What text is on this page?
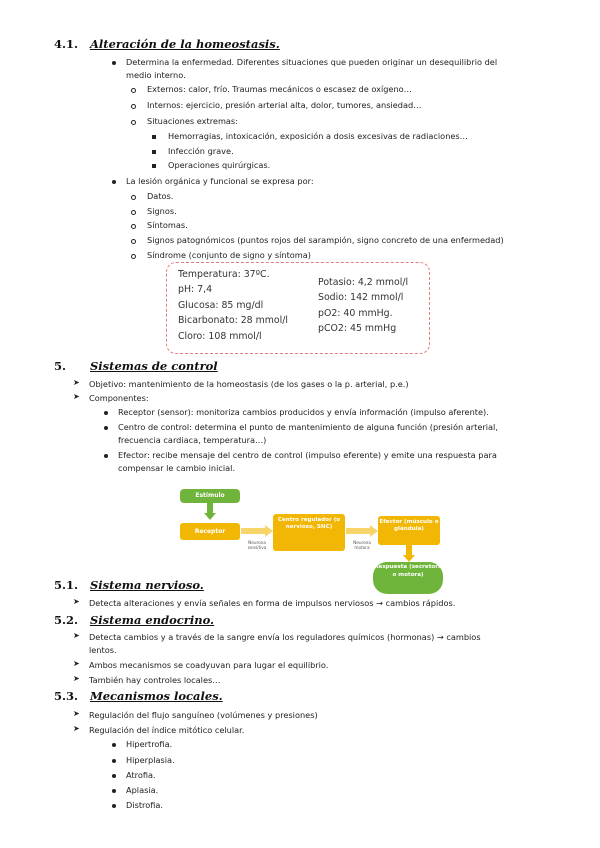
4.1. Alteración de la homeostasis.
Determina la enfermedad. Diferentes situaciones que pueden originar un desequilibrio del
medio interno.
Externos: calor, frío. Traumas mecánicos o escasez de oxígeno…
Internos: ejercicio, presión arterial alta, dolor, tumores, ansiedad…
Situaciones extremas:
Hemorragias, intoxicación, exposición a dosis excesivas de radiaciones…
Infección grave.
Operaciones quirúrgicas.
La lesión orgánica y funcional se expresa por:
Datos.
Signos.
Síntomas.
Signos patognómicos (puntos rojos del sarampión, signo concreto de una enfermedad)
Síndrome (conjunto de signo y síntoma)
Temperatura: 37ºC.
pH: 7,4
Glucosa: 85 mg/dl
Bicarbonato: 28 mmol/l
Cloro: 108 mmol/l
Potasio: 4,2 mmol/l
Sodio: 142 mmol/l
pO2: 40 mmHg.
pCO2: 45 mmHg
5. Sistemas de control
➤ Objetivo: mantenimiento de la homeostasis (de los gases o la p. arterial, p.e.)
➤ Componentes:
Receptor (sensor): monitoriza cambios producidos y envía información (impulso aferente).
Centro de control: determina el punto de mantenimiento de alguna función (presión arterial,
frecuencia cardiaca, temperatura…)
Efector: recibe mensaje del centro de control (impulso eferente) y emite una respuesta para
compensar le cambio inicial.
Estímulo
Receptor
Neurona sensitiva
Centro regulador (o nervioso, SNC)
Neurona motora
Efector (músculo o glándula)
Respuesta (secretora o motora)
5.1. Sistema nervioso.
➤ Detecta alteraciones y envía señales en forma de impulsos nerviosos → cambios rápidos.
5.2. Sistema endocrino.
➤ Detecta cambios y a través de la sangre envía los reguladores químicos (hormonas) → cambios
lentos.
➤ Ambos mecanismos se coadyuvan para lugar el equilibrio.
➤ También hay controles locales…
5.3. Mecanismos locales.
➤ Regulación del flujo sanguíneo (volúmenes y presiones)
➤ Regulación del índice mitótico celular.
Hipertrofia.
Hiperplasia.
Atrofia.
Aplasia.
Distrofia.
